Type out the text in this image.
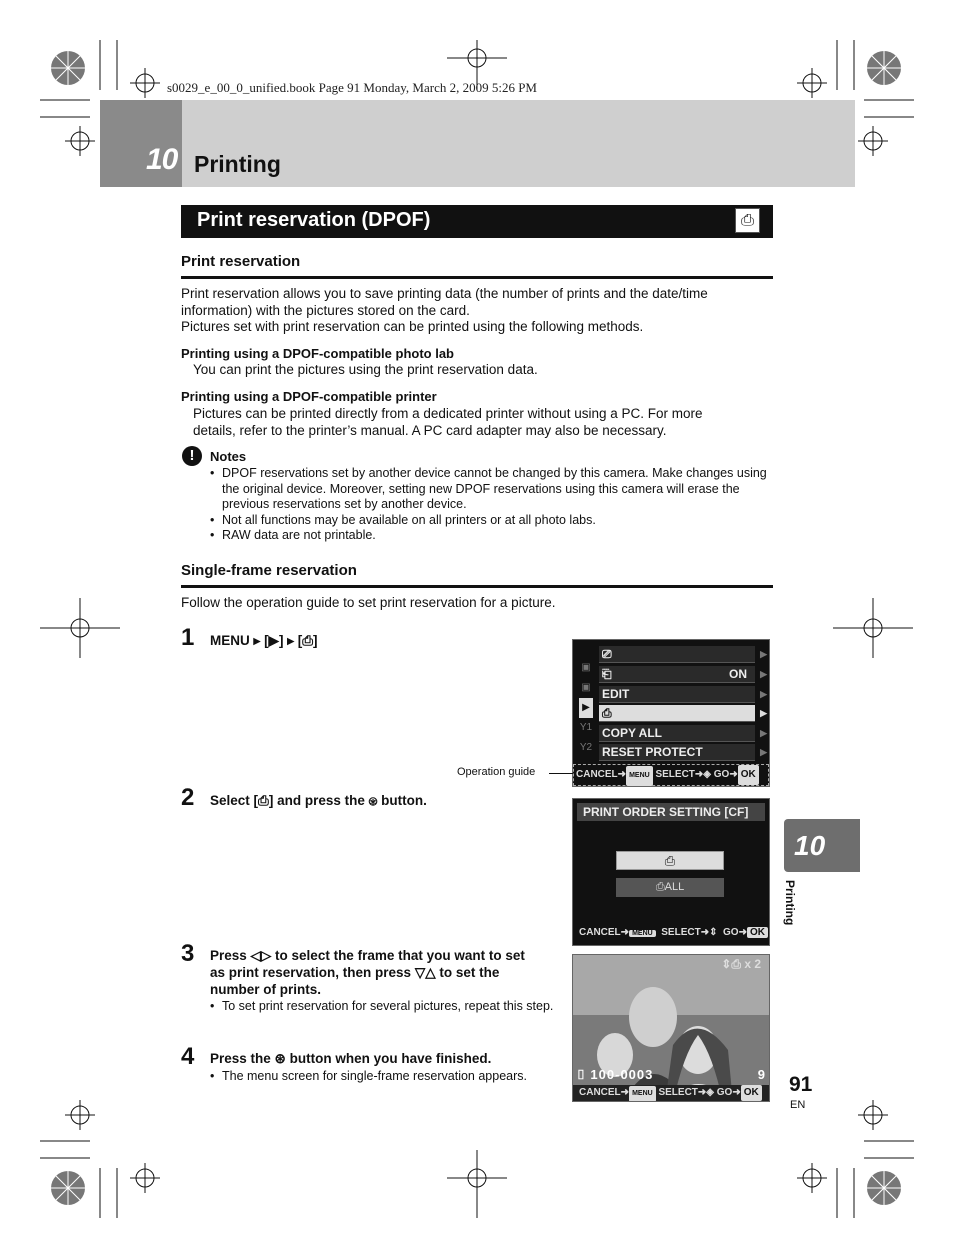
s0029_e_00_0_unified.book Page 91 Monday, March 2, 2009 5:26 PM
10 Printing
Print reservation (DPOF)	⎙
Print reservation
Print reservation allows you to save printing data (the number of prints and the date/time
information) with the pictures stored on the card.
Pictures set with print reservation can be printed using the following methods.
Printing using a DPOF-compatible photo lab
You can print the pictures using the print reservation data.
Printing using a DPOF-compatible printer
Pictures can be printed directly from a dedicated printer without using a PC. For more
details, refer to the printer’s manual. A PC card adapter may also be necessary.
!	Notes
• DPOF reservations set by another device cannot be changed by this camera. Make changes using the original device. Moreover, setting new DPOF reservations using this camera will erase the previous reservations set by another device.
• Not all functions may be available on all printers or at all photo labs.
• RAW data are not printable.
Single-frame reservation
Follow the operation guide to set print reservation for a picture.
1 MENU ▸ [▶] ▸ [⎙]
▣
▣
▶
Y1
Y2
⎚	▶
⎗	ON ▶
EDIT	▶
⎙	▶
COPY ALL	▶
RESET PROTECT	▶
CANCEL➜ MENU SELECT➜◈ GO➜ OK
Operation guide
2 Select [⎙] and press the ⊛ button.
PRINT ORDER SETTING [CF]
⎙
⎙ALL
CANCEL➜ MENU SELECT➜⇕  GO➜ OK
3 Press ◁▷ to select the frame that you want to set
as print reservation, then press ▽△ to set the
number of prints.
• To set print reservation for several pictures, repeat this step.
4 Press the ⊛ button when you have finished.
• The menu screen for single-frame reservation appears.
⇕⎙ x 2
⌷ 100-0003	9
CANCEL➜ MENU SELECT➜◈ GO➜ OK
10
Printing
91
EN
